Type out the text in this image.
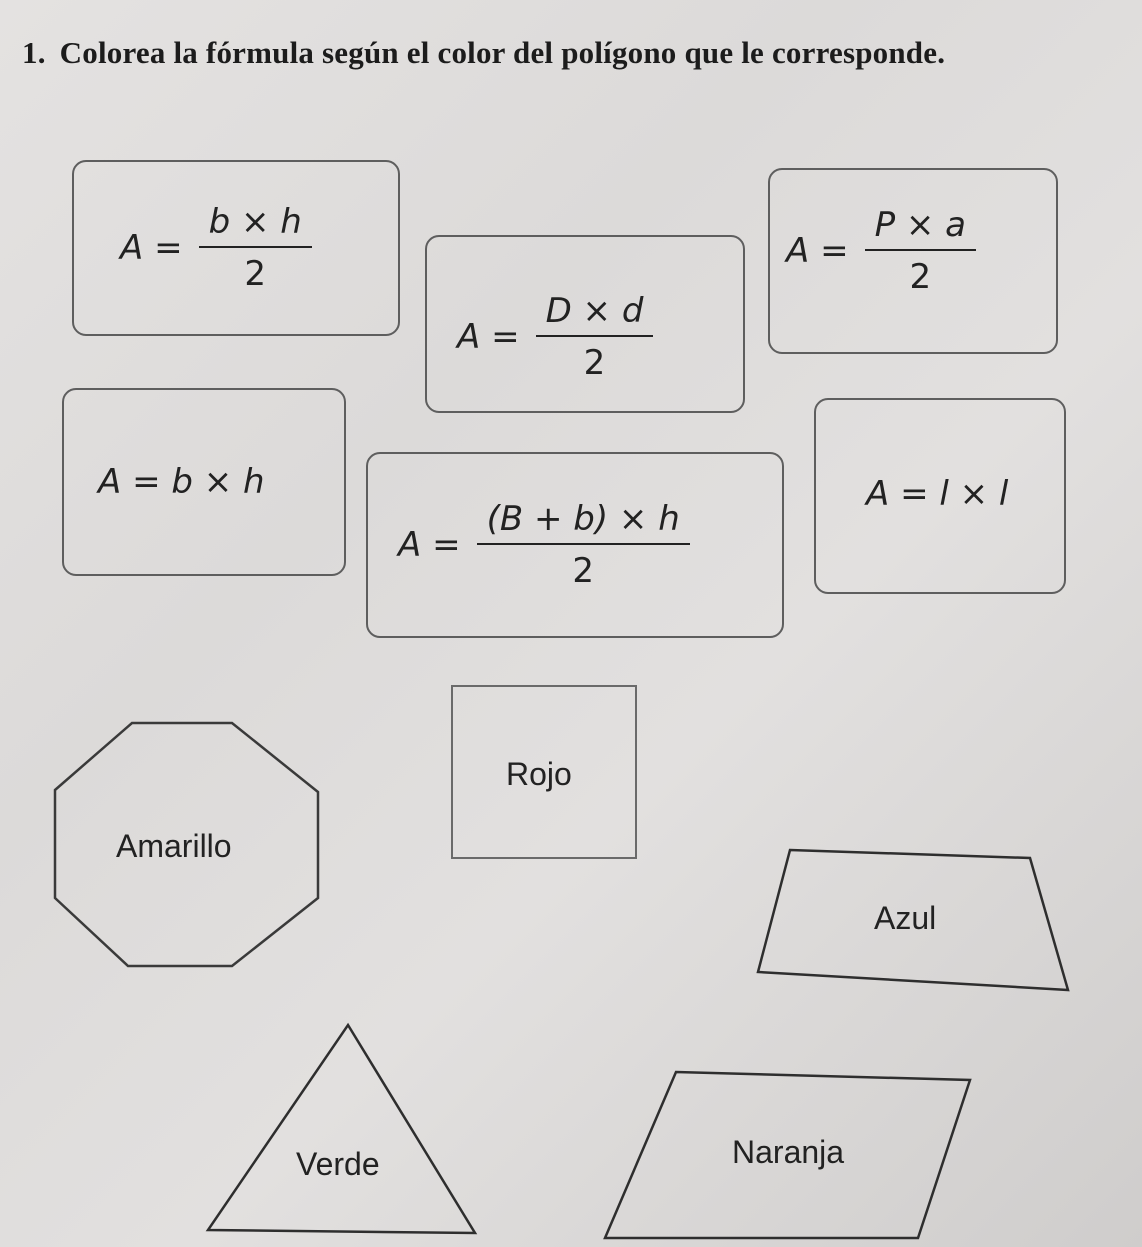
1. Colorea la fórmula según el color del polígono que le corresponde.

$A = \frac{b \times h}{2}$
$A = \frac{D \times d}{2}$
$A = \frac{P \times a}{2}$
A = b × h
$A = \frac{(B + b) \times h}{2}$
A = l × l
Amarillo
Rojo
Azul
Verde	Naranja
